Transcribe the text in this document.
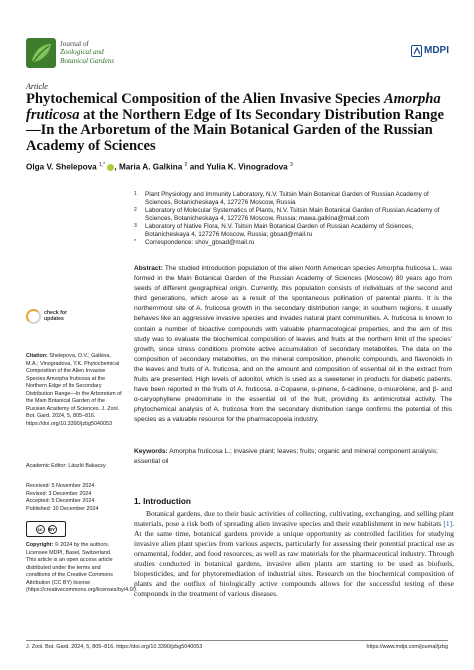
Journal of
Zoological and
Botanical Gardens
MDPI
Article
Phytochemical Composition of the Alien Invasive Species Amorpha fruticosa at the Northern Edge of Its Secondary Distribution Range—In the Arboretum of the Main Botanical Garden of the Russian Academy of Sciences
Olga V. Shelepova $^{1,*}$ , Maria A. Galkina $^2$ and Yulia K. Vinogradova $^3$
1 Plant Physiology and Immunity Laboratory, N.V. Tsitsin Main Botanical Garden of Russian Academy of Sciences, Botanicheskaya 4, 127276 Moscow, Russia
2 Laboratory of Molecular Systematics of Plants, N.V. Tsitsin Main Botanical Garden of Russian Academy of Sciences, Botanicheskaya 4, 127276 Moscow, Russia; mawa.galkina@mail.com
3 Laboratory of Native Flora, N.V. Tsitsin Main Botanical Garden of Russian Academy of Sciences, Botanicheskaya 4, 127276 Moscow, Russia; gbsad@mail.ru
* Correspondence: shov_gbsad@mail.ru
Abstract: The studied introduction population of the alien North American species Amorpha fruticosa L. was formed in the Main Botanical Garden of the Russian Academy of Sciences (Moscow) 80 years ago from seeds of different geographical origin. Currently, this population consists of individuals of the second and third generations, which arose as a result of the spontaneous pollination of parental plants. It is the northernmost site of A. fruticosa growth in the secondary distribution range; in southern regions, it usually behaves like an aggressive invasive species and invades natural plant communities. A. fruticosa is known to contain a number of bioactive compounds with valuable pharmacological properties, and the aim of this study was to evaluate the biochemical composition of leaves and fruits at the northern limit of the species' growth, since stress conditions promote active accumulation of secondary metabolites. The data on the composition of secondary metabolites, on the mineral composition, phenolic compounds, and flavonoids in the leaves and fruits of A. fruticosa, and on the amount and composition of essential oil in the extract from fruits are presented. High levels of adonitol, which is used as a sweetener in products for diabetic patients, have been reported in the fruits of A. fruticosa. α-Copaene, α-pinene, δ-cadinene, α-muurolene, and β- and α-caryophyllene predominate in the essential oil of the fruit, providing its antimicrobial activity. The phytochemical analysis of A. fruticosa from the secondary distribution range confirms the potential of this species as a valuable resource for the pharmacopoeia industry.
Keywords: Amorpha fruticosa L.; invasive plant; leaves; fruits; organic and mineral component analysis; essential oil
check for
updates
Citation: Shelepova, O.V.; Galkina, M.A.; Vinogradova, Y.K. Phytochemical Composition of the Alien Invasive Species Amorpha fruticosa at the Northern Edge of Its Secondary Distribution Range—In the Arboretum of the Main Botanical Garden of the Russian Academy of Sciences. J. Zool. Bot. Gard. 2024, 5, 805–816. https://doi.org/10.3390/jzbg5040053
Academic Editor: László Bakacsy
Received: 5 November 2024
Revised: 3 December 2024
Accepted: 5 December 2024
Published: 10 December 2024
cc	BY
Copyright: © 2024 by the authors. Licensee MDPI, Basel, Switzerland. This article is an open access article distributed under the terms and conditions of the Creative Commons Attribution (CC BY) license (https://creativecommons.org/licenses/by/4.0/).
1. Introduction
Botanical gardens, due to their basic activities of collecting, cultivating, exchanging, and selling plant materials, pose a risk both of spreading alien invasive species and their establishment in new habitats [1]. At the same time, botanical gardens provide a unique opportunity as controlled facilities for studying invasive alien plant species from various aspects, particularly for assessing their potential practical use as ornamental, fodder, and food resources, as well as raw materials for the pharmaceutical industry. Through studies conducted in botanical gardens, invasive alien plants are starting to be used as biofuels, biopesticides, and for phytoremediation of industrial sites. Research on the biochemical composition of plants and the outflux of biologically active compounds allows for the successful testing of these compounds in the treatment of various diseases.
J. Zool. Bot. Gard. 2024, 5, 805–816. https://doi.org/10.3390/jzbg5040053	https://www.mdpi.com/journal/jzbg
